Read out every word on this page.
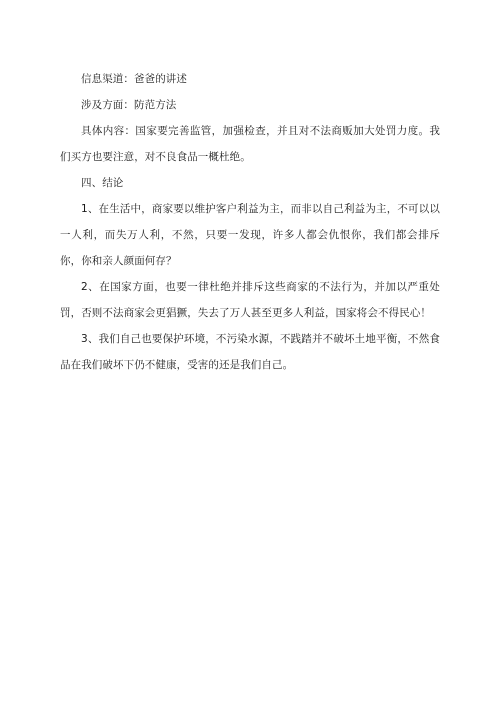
信息渠道：爸爸的讲述

涉及方面：防范方法

具体内容：国家要完善监管，加强检查，并且对不法商贩加大处罚力度。我们买方也要注意，对不良食品一概杜绝。

四、结论

1、在生活中，商家要以维护客户利益为主，而非以自己利益为主，不可以以一人利，而失万人利，不然，只要一发现，许多人都会仇恨你，我们都会排斥你，你和亲人颜面何存？

2、在国家方面，也要一律杜绝并排斥这些商家的不法行为，并加以严重处罚，否则不法商家会更猖獗，失去了万人甚至更多人利益，国家将会不得民心！

3、我们自己也要保护环境，不污染水源，不践踏并不破坏土地平衡，不然食品在我们破坏下仍不健康，受害的还是我们自己。
